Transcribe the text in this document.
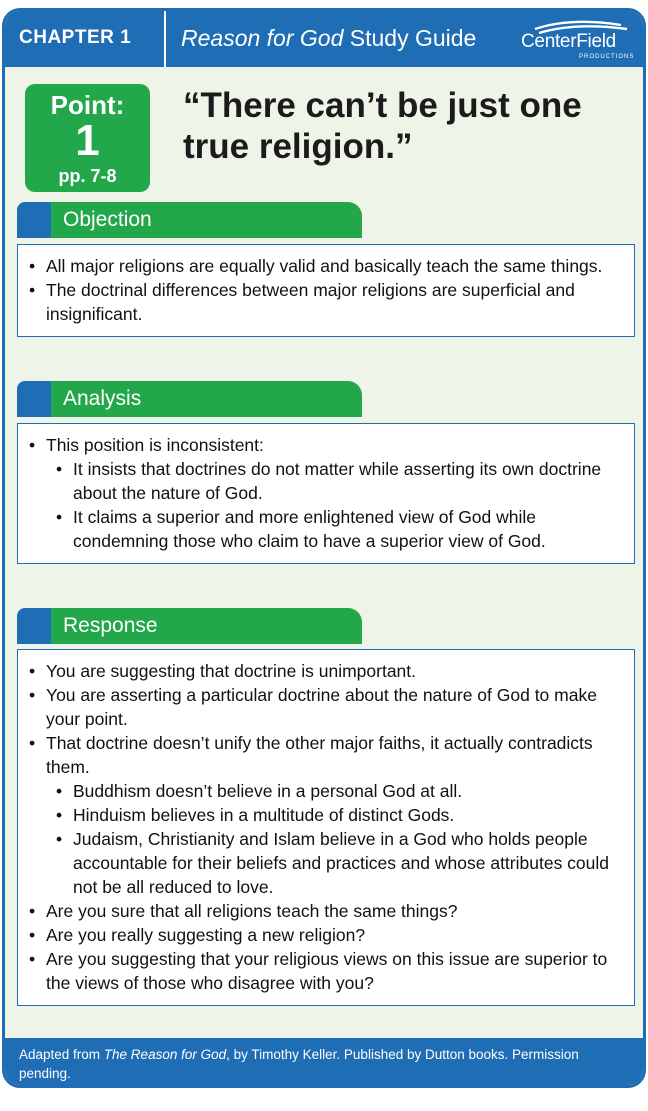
CHAPTER 1 Reason for God Study Guide CenterField
PRODUCTIONS
Point:
1
pp. 7-8
“There can’t be just one true religion.”
Objection
• All major religions are equally valid and basically teach the same things.
• The doctrinal differences between major religions are superficial and insignificant.
Analysis
• This position is inconsistent:
• It insists that doctrines do not matter while asserting its own doctrine about the nature of God.
• It claims a superior and more enlightened view of God while condemning those who claim to have a superior view of God.
Response
• You are suggesting that doctrine is unimportant.
• You are asserting a particular doctrine about the nature of God to make your point.
• That doctrine doesn’t unify the other major faiths, it actually contradicts them.
• Buddhism doesn’t believe in a personal God at all.
• Hinduism believes in a multitude of distinct Gods.
• Judaism, Christianity and Islam believe in a God who holds people accountable for their beliefs and practices and whose attributes could not be all reduced to love.
• Are you sure that all religions teach the same things?
• Are you really suggesting a new religion?
• Are you suggesting that your religious views on this issue are superior to the views of those who disagree with you?
Adapted from The Reason for God, by Timothy Keller. Published by Dutton books. Permission pending.
